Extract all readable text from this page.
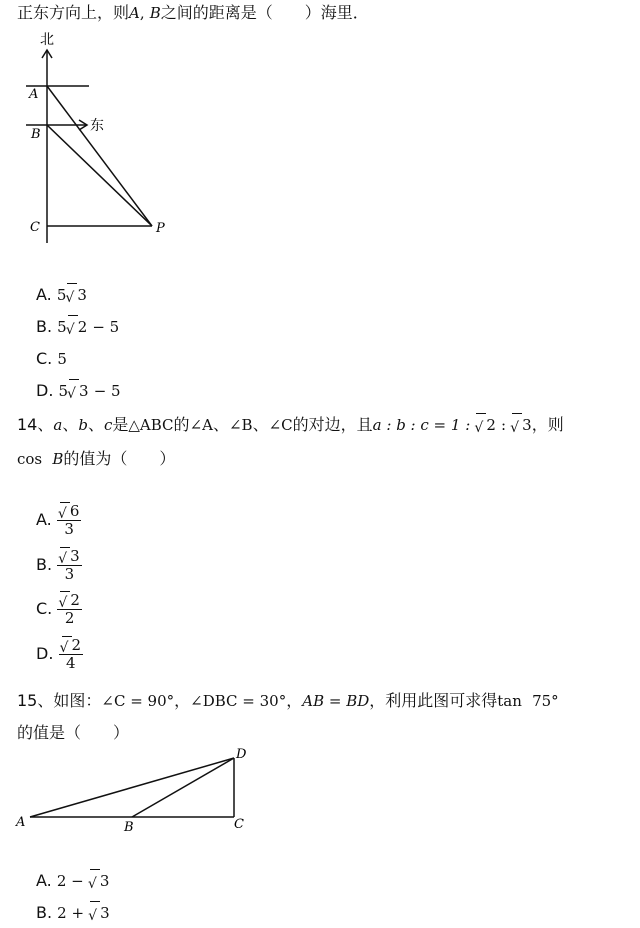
正东方向上，则A, B之间的距离是（　　）海里．
北
东
A
B
C	P
A. 5 √ 3
B. 5 √ 2 − 5
C. 5
D. 5 √ 3 − 5
14、a、b、c是△ABC的∠A、∠B、∠C的对边，且a : b : c = 1 : √ 2 : √ 3，则
cos B的值为（　　）
A. $\frac{√ 6}{3}$
B. $\frac{√ 3}{3}$
C. $\frac{√ 2}{2}$
D. $\frac{√ 2}{4}$
15、如图：∠C = 90°，∠DBC = 30°，AB = BD，利用此图可求得tan 75°
的值是（　　）
A	B	C
D
A. 2 − √ 3
B. 2 + √ 3
